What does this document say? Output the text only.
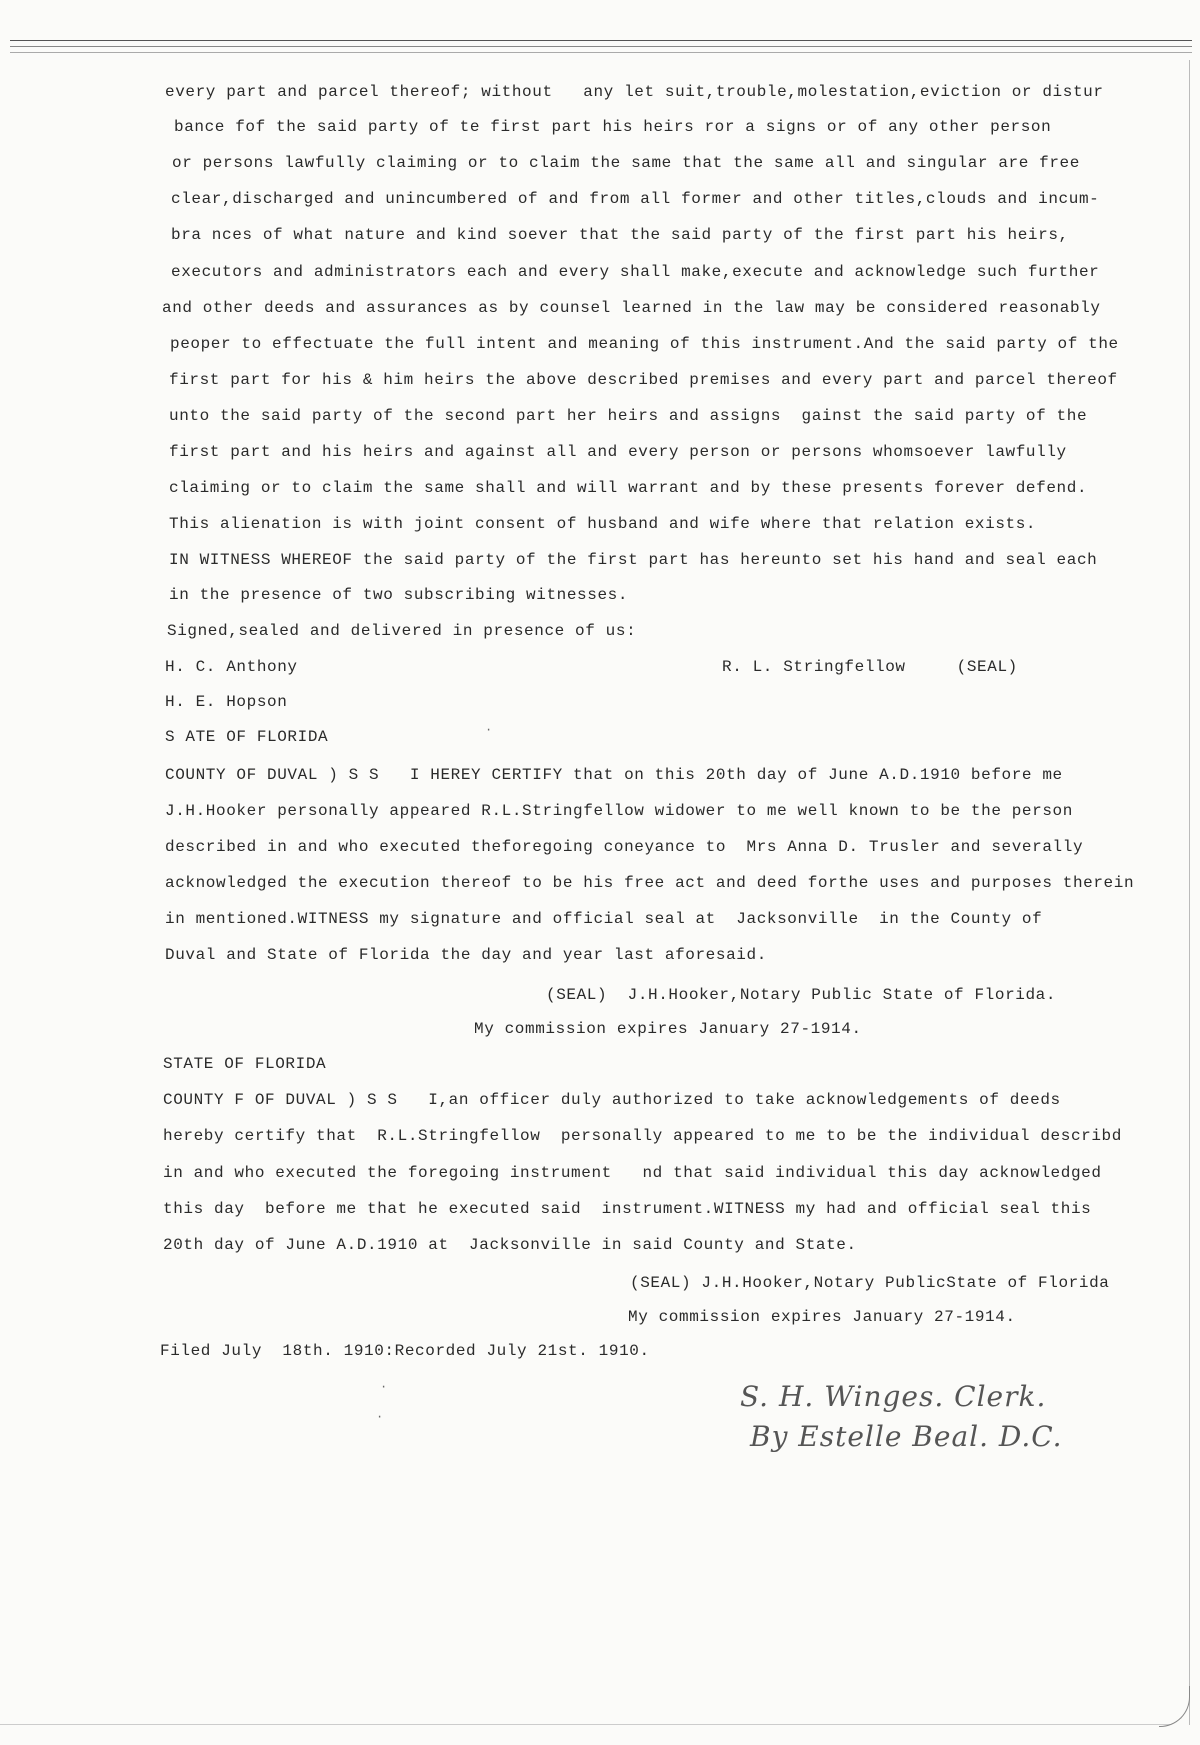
every part and parcel thereof; without   any let suit,trouble,molestation,eviction or distur
bance fof the said party of te first part his heirs ror a signs or of any other person
or persons lawfully claiming or to claim the same that the same all and singular are free
clear,discharged and unincumbered of and from all former and other titles,clouds and incum-
bra nces of what nature and kind soever that the said party of the first part his heirs,
executors and administrators each and every shall make,execute and acknowledge such further
and other deeds and assurances as by counsel learned in the law may be considered reasonably
peoper to effectuate the full intent and meaning of this instrument.And the said party of the
first part for his & him heirs the above described premises and every part and parcel thereof
unto the said party of the second part her heirs and assigns  gainst the said party of the
first part and his heirs and against all and every person or persons whomsoever lawfully
claiming or to claim the same shall and will warrant and by these presents forever defend.
This alienation is with joint consent of husband and wife where that relation exists.
IN WITNESS WHEREOF the said party of the first part has hereunto set his hand and seal each
in the presence of two subscribing witnesses.
Signed,sealed and delivered in presence of us:
H. C. Anthony	R. L. Stringfellow     (SEAL)
H. E. Hopson
S ATE OF FLORIDA
COUNTY OF DUVAL ) S S   I HEREY CERTIFY that on this 20th day of June A.D.1910 before me
J.H.Hooker personally appeared R.L.Stringfellow widower to me well known to be the person
described in and who executed theforegoing coneyance to  Mrs Anna D. Trusler and severally
acknowledged the execution thereof to be his free act and deed forthe uses and purposes therein
in mentioned.WITNESS my signature and official seal at  Jacksonville  in the County of
Duval and State of Florida the day and year last aforesaid.
(SEAL)  J.H.Hooker,Notary Public State of Florida.
My commission expires January 27-1914.
STATE OF FLORIDA
COUNTY F OF DUVAL ) S S   I,an officer duly authorized to take acknowledgements of deeds
hereby certify that  R.L.Stringfellow  personally appeared to me to be the individual describd
in and who executed the foregoing instrument   nd that said individual this day acknowledged
this day  before me that he executed said  instrument.WITNESS my had and official seal this
20th day of June A.D.1910 at  Jacksonville in said County and State.
(SEAL) J.H.Hooker,Notary PublicState of Florida
My commission expires January 27-1914.
Filed July  18th. 1910:Recorded July 21st. 1910.
S. H. Winges. Clerk.
By Estelle Beal. D.C.
·
·
·
